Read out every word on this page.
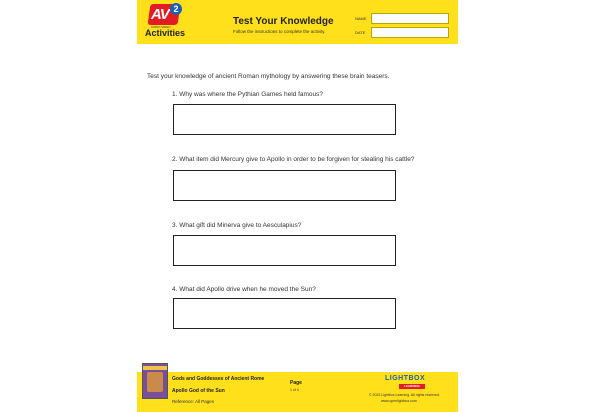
AV 2
AUDIO VIDEO
Activities
Test Your Knowledge
Follow the instructions to complete the activity.
NAME
DATE
Test your knowledge of ancient Roman mythology by answering these brain teasers.
1. Why was where the Pythian Games held famous?
2. What item did Mercury give to Apollo in order to be forgiven for stealing his cattle?
3. What gift did Minerva give to Aesculapius?
4. What did Apollo drive when he moved the Sun?
Gods and Goddesses of Ancient Rome
Apollo God of the Sun
Reference: All Pages
Page
1 of 4
LIGHTBOX
LEARNING
© 2022 Lightbox Learning. All rights reserved.
www.openlightbox.com
